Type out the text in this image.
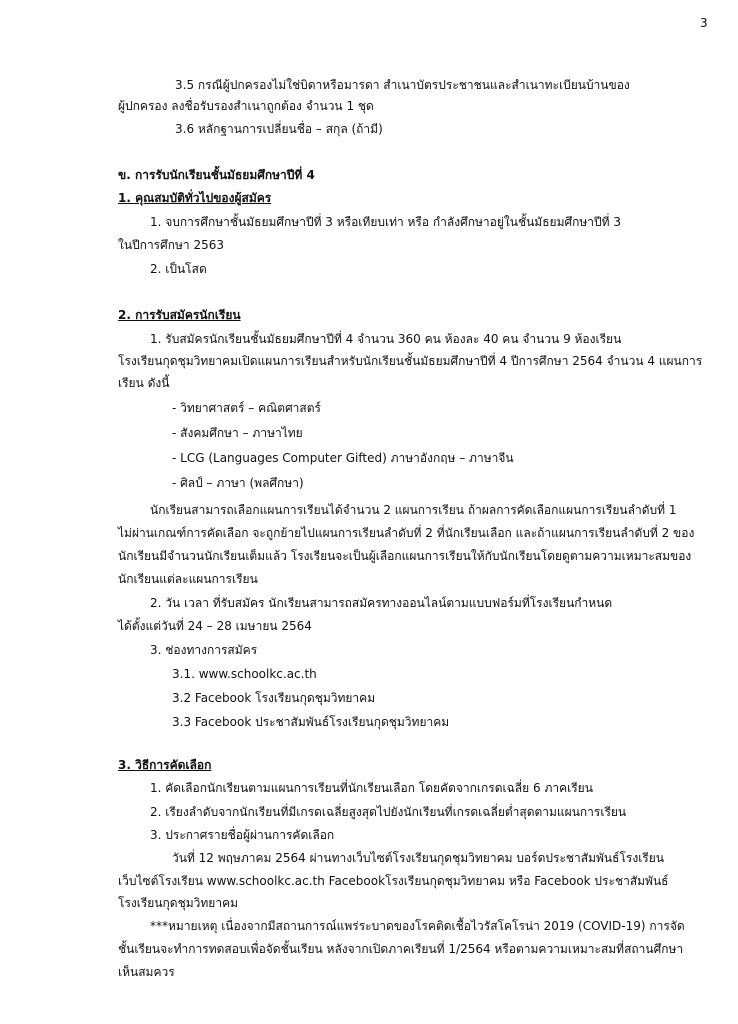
3
3.5 กรณีผู้ปกครองไม่ใช่บิดาหรือมารดา สำเนาบัตรประชาชนและสำเนาทะเบียนบ้านของ
ผู้ปกครอง ลงชื่อรับรองสำเนาถูกต้อง จำนวน 1 ชุด
3.6 หลักฐานการเปลี่ยนชื่อ – สกุล (ถ้ามี)
ข. การรับนักเรียนชั้นมัธยมศึกษาปีที่ 4
1. คุณสมบัติทั่วไปของผู้สมัคร
1. จบการศึกษาชั้นมัธยมศึกษาปีที่ 3 หรือเทียบเท่า หรือ กำลังศึกษาอยู่ในชั้นมัธยมศึกษาปีที่ 3
ในปีการศึกษา 2563
2. เป็นโสด
2. การรับสมัครนักเรียน
1. รับสมัครนักเรียนชั้นมัธยมศึกษาปีที่ 4 จำนวน 360 คน ห้องละ 40 คน จำนวน 9 ห้องเรียน
โรงเรียนกุดชุมวิทยาคมเปิดแผนการเรียนสำหรับนักเรียนชั้นมัธยมศึกษาปีที่ 4 ปีการศึกษา 2564 จำนวน 4 แผนการ
เรียน ดังนี้
- วิทยาศาสตร์ – คณิตศาสตร์
- สังคมศึกษา – ภาษาไทย
- LCG (Languages Computer Gifted) ภาษาอังกฤษ – ภาษาจีน
- ศิลป์ – ภาษา (พลศึกษา)
นักเรียนสามารถเลือกแผนการเรียนได้จำนวน 2 แผนการเรียน ถ้าผลการคัดเลือกแผนการเรียนลำดับที่ 1
ไม่ผ่านเกณฑ์การคัดเลือก จะถูกย้ายไปแผนการเรียนลำดับที่ 2 ที่นักเรียนเลือก และถ้าแผนการเรียนลำดับที่ 2 ของ
นักเรียนมีจำนวนนักเรียนเต็มแล้ว โรงเรียนจะเป็นผู้เลือกแผนการเรียนให้กับนักเรียนโดยดูตามความเหมาะสมของ
นักเรียนแต่ละแผนการเรียน
2. วัน เวลา ที่รับสมัคร นักเรียนสามารถสมัครทางออนไลน์ตามแบบฟอร์มที่โรงเรียนกำหนด
ได้ตั้งแต่วันที่ 24 – 28 เมษายน 2564
3. ช่องทางการสมัคร
3.1. www.schoolkc.ac.th
3.2 Facebook โรงเรียนกุดชุมวิทยาคม
3.3 Facebook ประชาสัมพันธ์โรงเรียนกุดชุมวิทยาคม
3. วิธีการคัดเลือก
1. คัดเลือกนักเรียนตามแผนการเรียนที่นักเรียนเลือก โดยคัดจากเกรดเฉลี่ย 6 ภาคเรียน
2. เรียงลำดับจากนักเรียนที่มีเกรดเฉลี่ยสูงสุดไปยังนักเรียนที่เกรดเฉลี่ยต่ำสุดตามแผนการเรียน
3. ประกาศรายชื่อผู้ผ่านการคัดเลือก
วันที่ 12 พฤษภาคม 2564 ผ่านทางเว็บไซต์โรงเรียนกุดชุมวิทยาคม บอร์ดประชาสัมพันธ์โรงเรียน
เว็บไซต์โรงเรียน www.schoolkc.ac.th Facebookโรงเรียนกุดชุมวิทยาคม หรือ Facebook ประชาสัมพันธ์
โรงเรียนกุดชุมวิทยาคม
***หมายเหตุ เนื่องจากมีสถานการณ์แพร่ระบาดของโรคติดเชื้อไวรัสโคโรน่า 2019 (COVID-19) การจัด
ชั้นเรียนจะทำการทดสอบเพื่อจัดชั้นเรียน หลังจากเปิดภาคเรียนที่ 1/2564 หรือตามความเหมาะสมที่สถานศึกษา
เห็นสมควร
